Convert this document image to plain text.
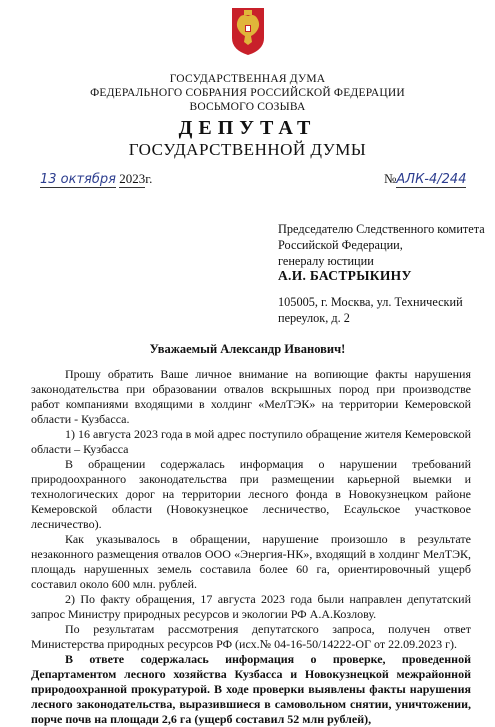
ГОСУДАРСТВЕННАЯ ДУМА
ФЕДЕРАЛЬНОГО СОБРАНИЯ РОССИЙСКОЙ ФЕДЕРАЦИИ
ВОСЬМОГО СОЗЫВА
ДЕПУТАТ
ГОСУДАРСТВЕННОЙ ДУМЫ
13 октября 2023г.	№АЛК-4/244
Председателю Следственного комитета
Российской Федерации,
генералу юстиции
А.И. БАСТРЫКИНУ
105005, г. Москва, ул. Технический
переулок, д. 2
Уважаемый Александр Иванович!
Прошу обратить Ваше личное внимание на вопиющие факты нарушения законодательства при образовании отвалов вскрышных пород при производстве работ компаниями входящими в холдинг «МелТЭК» на территории Кемеровской области - Кузбасса.
1) 16 августа 2023 года в мой адрес поступило обращение жителя Кемеровской области – Кузбасса
В обращении содержалась информация о нарушении требований природоохранного законодательства при размещении карьерной выемки и технологических дорог на территории лесного фонда в Новокузнецком районе Кемеровской области (Новокузнецкое лесничество, Есаульское участковое лесничество).
Как указывалось в обращении, нарушение произошло в результате незаконного размещения отвалов ООО «Энергия-НК», входящий в холдинг МелТЭК, площадь нарушенных земель составила более 60 га, ориентировочный ущерб составил около 600 млн. рублей.
2) По факту обращения, 17 августа 2023 года были направлен депутатский запрос Министру природных ресурсов и экологии РФ А.А.Козлову.
По результатам рассмотрения депутатского запроса, получен ответ Министерства природных ресурсов РФ (исх.№ 04-16-50/14222-ОГ от 22.09.2023 г).
В ответе содержалась информация о проверке, проведенной Департаментом лесного хозяйства Кузбасса и Новокузнецкой межрайонной природоохранной прокуратурой. В ходе проверки выявлены факты нарушения лесного законодательства, выразившиеся в самовольном снятии, уничтожении, порче почв на площади 2,6 га (ущерб составил 52 млн рублей),
